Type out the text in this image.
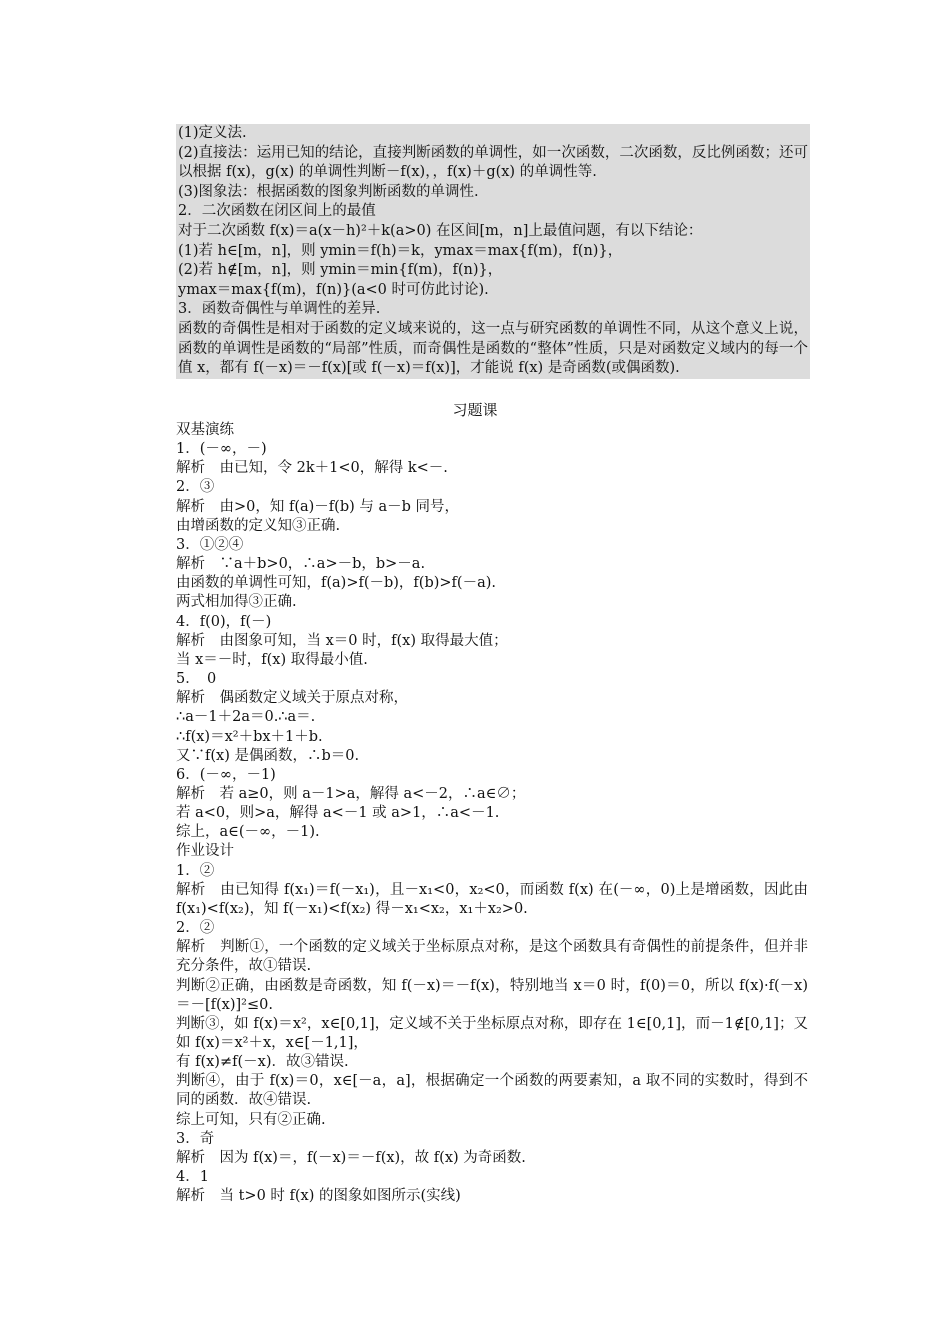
(1)定义法.
(2)直接法：运用已知的结论，直接判断函数的单调性，如一次函数，二次函数，反比例函数；还可以根据 f(x)，g(x) 的单调性判断－f(x)，，f(x)＋g(x) 的单调性等.
(3)图象法：根据函数的图象判断函数的单调性.
2．二次函数在闭区间上的最值
对于二次函数 f(x)＝a(x－h)²＋k(a>0) 在区间[m，n]上最值问题，有以下结论：
(1)若 h∈[m，n]，则 ymin＝f(h)＝k，ymax＝max{f(m)，f(n)}，
(2)若 h∉[m，n]，则 ymin＝min{f(m)，f(n)}，
ymax＝max{f(m)，f(n)}(a<0 时可仿此讨论).
3．函数奇偶性与单调性的差异.
函数的奇偶性是相对于函数的定义域来说的，这一点与研究函数的单调性不同，从这个意义上说，函数的单调性是函数的“局部”性质，而奇偶性是函数的“整体”性质，只是对函数定义域内的每一个值 x，都有 f(－x)＝－f(x)[或 f(－x)＝f(x)]，才能说 f(x) 是奇函数(或偶函数).
习题课
双基演练
1．(－∞，－)
解析　由已知，令 2k＋1<0，解得 k<－.
2．③
解析　由>0，知 f(a)－f(b) 与 a－b 同号，
由增函数的定义知③正确.
3．①②④
解析　∵a＋b>0，∴a>－b，b>－a.
由函数的单调性可知，f(a)>f(－b)，f(b)>f(－a).
两式相加得③正确.
4．f(0)，f(－)
解析　由图象可知，当 x＝0 时，f(x) 取得最大值；
当 x＝－时，f(x) 取得最小值.
5．　0
解析　偶函数定义域关于原点对称，
∴a－1＋2a＝0.∴a＝.
∴f(x)＝x²＋bx＋1＋b.
又∵f(x) 是偶函数，∴b＝0.
6．(－∞，－1)
解析　若 a≥0，则 a－1>a，解得 a<－2，∴a∈∅；
若 a<0，则>a，解得 a<－1 或 a>1，∴a<－1.
综上，a∈(－∞，－1).
作业设计
1．②
解析　由已知得 f(x₁)＝f(－x₁)，且－x₁<0，x₂<0，而函数 f(x) 在(－∞，0)上是增函数，因此由 f(x₁)<f(x₂)，知 f(－x₁)<f(x₂) 得－x₁<x₂，x₁＋x₂>0.
2．②
解析　判断①，一个函数的定义域关于坐标原点对称，是这个函数具有奇偶性的前提条件，但并非充分条件，故①错误.
判断②正确，由函数是奇函数，知 f(－x)＝－f(x)，特别地当 x＝0 时，f(0)＝0，所以 f(x)·f(－x)＝－[f(x)]²≤0.
判断③，如 f(x)＝x²，x∈[0,1]，定义域不关于坐标原点对称，即存在 1∈[0,1]，而－1∉[0,1]；又如 f(x)＝x²＋x，x∈[－1,1]，
有 f(x)≠f(－x)．故③错误.
判断④，由于 f(x)＝0，x∈[－a，a]，根据确定一个函数的两要素知，a 取不同的实数时，得到不同的函数．故④错误.
综上可知，只有②正确.
3．奇
解析　因为 f(x)＝，f(－x)＝－f(x)，故 f(x) 为奇函数.
4．1
解析　当 t>0 时 f(x) 的图象如图所示(实线)
